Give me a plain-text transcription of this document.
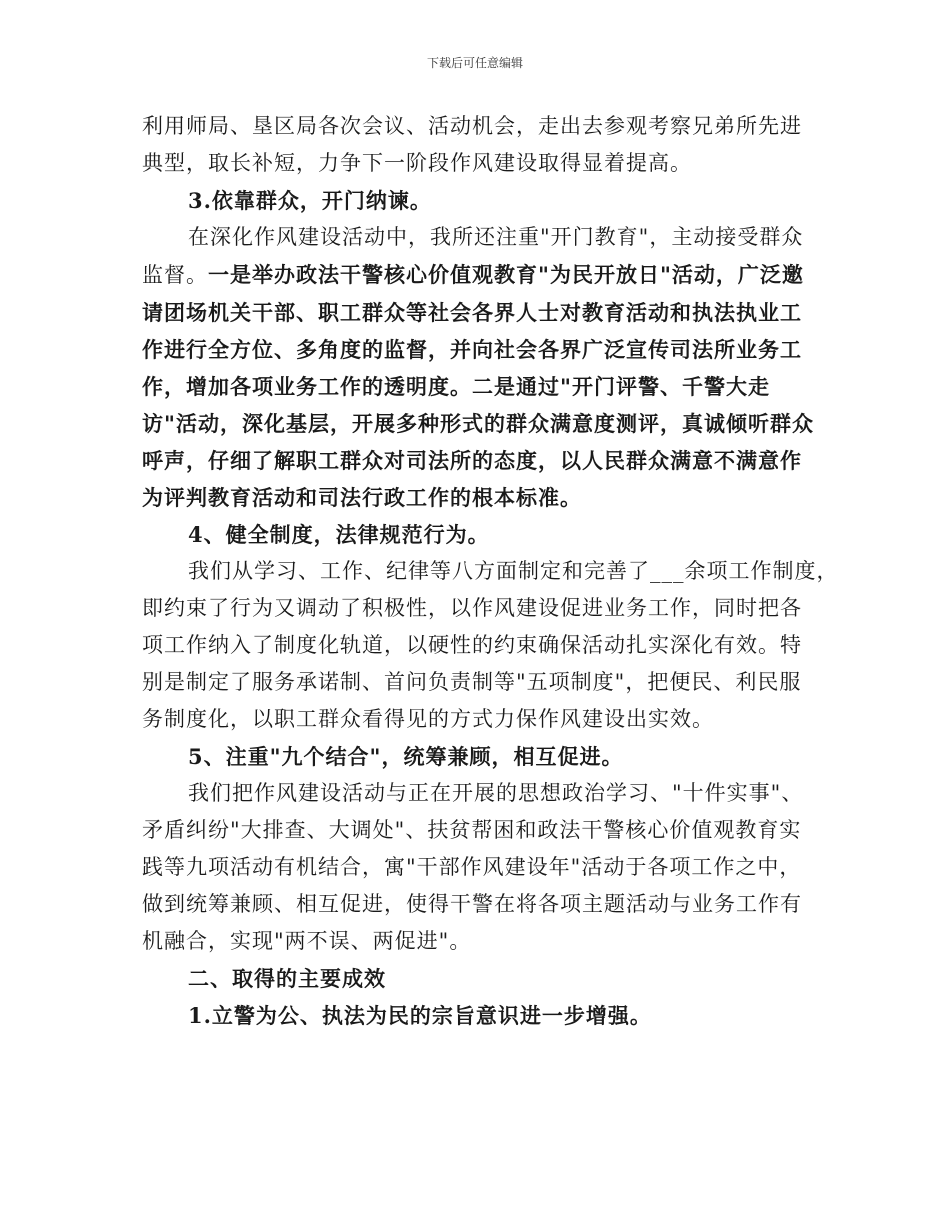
下载后可任意编辑

利用师局、垦区局各次会议、活动机会，走出去参观考察兄弟所先进
典型，取长补短，力争下一阶段作风建设取得显着提高。

3.依靠群众，开门纳谏。

在深化作风建设活动中，我所还注重"开门教育"，主动接受群众
监督。一是举办政法干警核心价值观教育"为民开放日"活动，广泛邀
请团场机关干部、职工群众等社会各界人士对教育活动和执法执业工
作进行全方位、多角度的监督，并向社会各界广泛宣传司法所业务工
作，增加各项业务工作的透明度。二是通过"开门评警、千警大走
访"活动，深化基层，开展多种形式的群众满意度测评，真诚倾听群众
呼声，仔细了解职工群众对司法所的态度，以人民群众满意不满意作
为评判教育活动和司法行政工作的根本标准。

4、健全制度，法律规范行为。

我们从学习、工作、纪律等八方面制定和完善了___余项工作制度，
即约束了行为又调动了积极性，以作风建设促进业务工作，同时把各
项工作纳入了制度化轨道，以硬性的约束确保活动扎实深化有效。特
别是制定了服务承诺制、首问负责制等"五项制度"，把便民、利民服
务制度化，以职工群众看得见的方式力保作风建设出实效。

5、注重"九个结合"，统筹兼顾，相互促进。

我们把作风建设活动与正在开展的思想政治学习、"十件实事"、
矛盾纠纷"大排查、大调处"、扶贫帮困和政法干警核心价值观教育实
践等九项活动有机结合，寓"干部作风建设年"活动于各项工作之中，
做到统筹兼顾、相互促进，使得干警在将各项主题活动与业务工作有
机融合，实现"两不误、两促进"。

二、取得的主要成效

1.立警为公、执法为民的宗旨意识进一步增强。
